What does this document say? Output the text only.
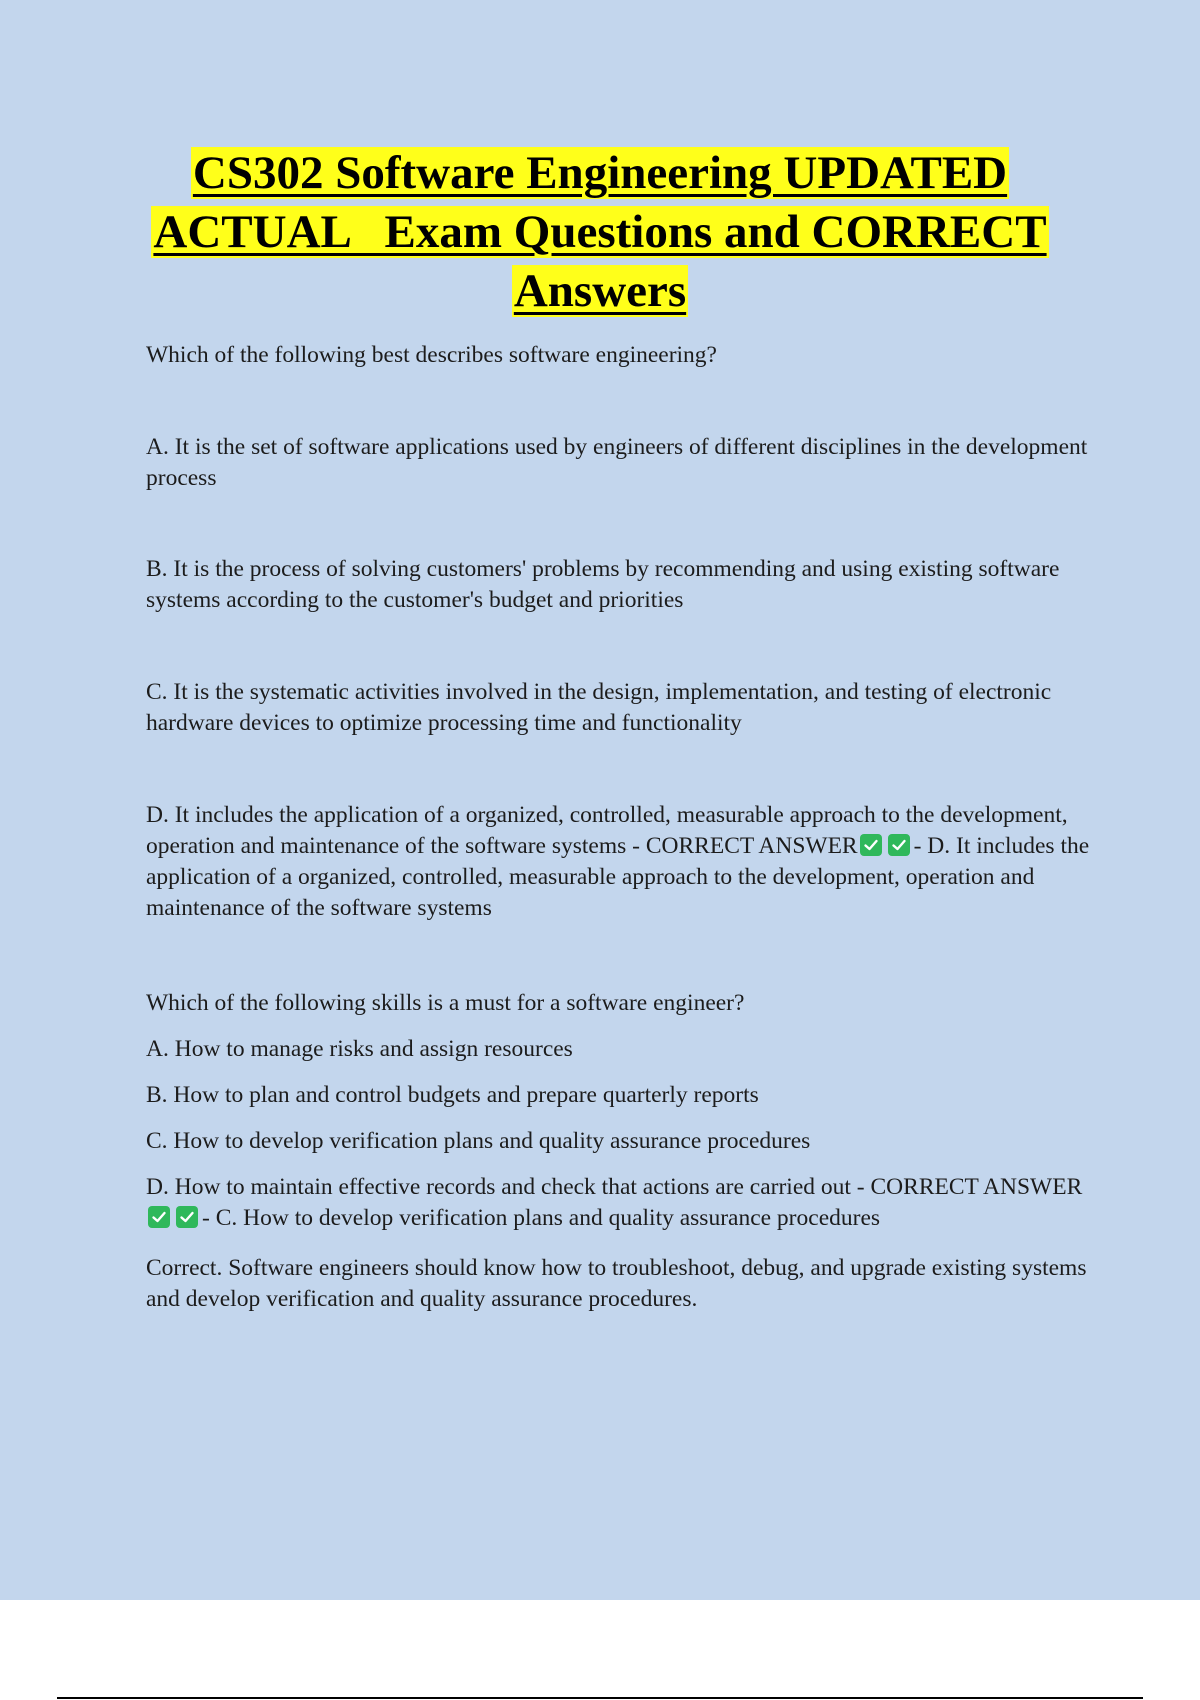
CS302 Software Engineering UPDATED
ACTUAL   Exam Questions and CORRECT
Answers

Which of the following best describes software engineering?

A. It is the set of software applications used by engineers of different disciplines in the development process

B. It is the process of solving customers' problems by recommending and using existing software systems according to the customer's budget and priorities

C. It is the systematic activities involved in the design, implementation, and testing of electronic hardware devices to optimize processing time and functionality

D. It includes the application of a organized, controlled, measurable approach to the development, operation and maintenance of the software systems - CORRECT ANSWER - D. It includes the application of a organized, controlled, measurable approach to the development, operation and maintenance of the software systems

Which of the following skills is a must for a software engineer?

A. How to manage risks and assign resources

B. How to plan and control budgets and prepare quarterly reports

C. How to develop verification plans and quality assurance procedures

D. How to maintain effective records and check that actions are carried out - CORRECT ANSWER
- C. How to develop verification plans and quality assurance procedures

Correct. Software engineers should know how to troubleshoot, debug, and upgrade existing systems and develop verification and quality assurance procedures.
